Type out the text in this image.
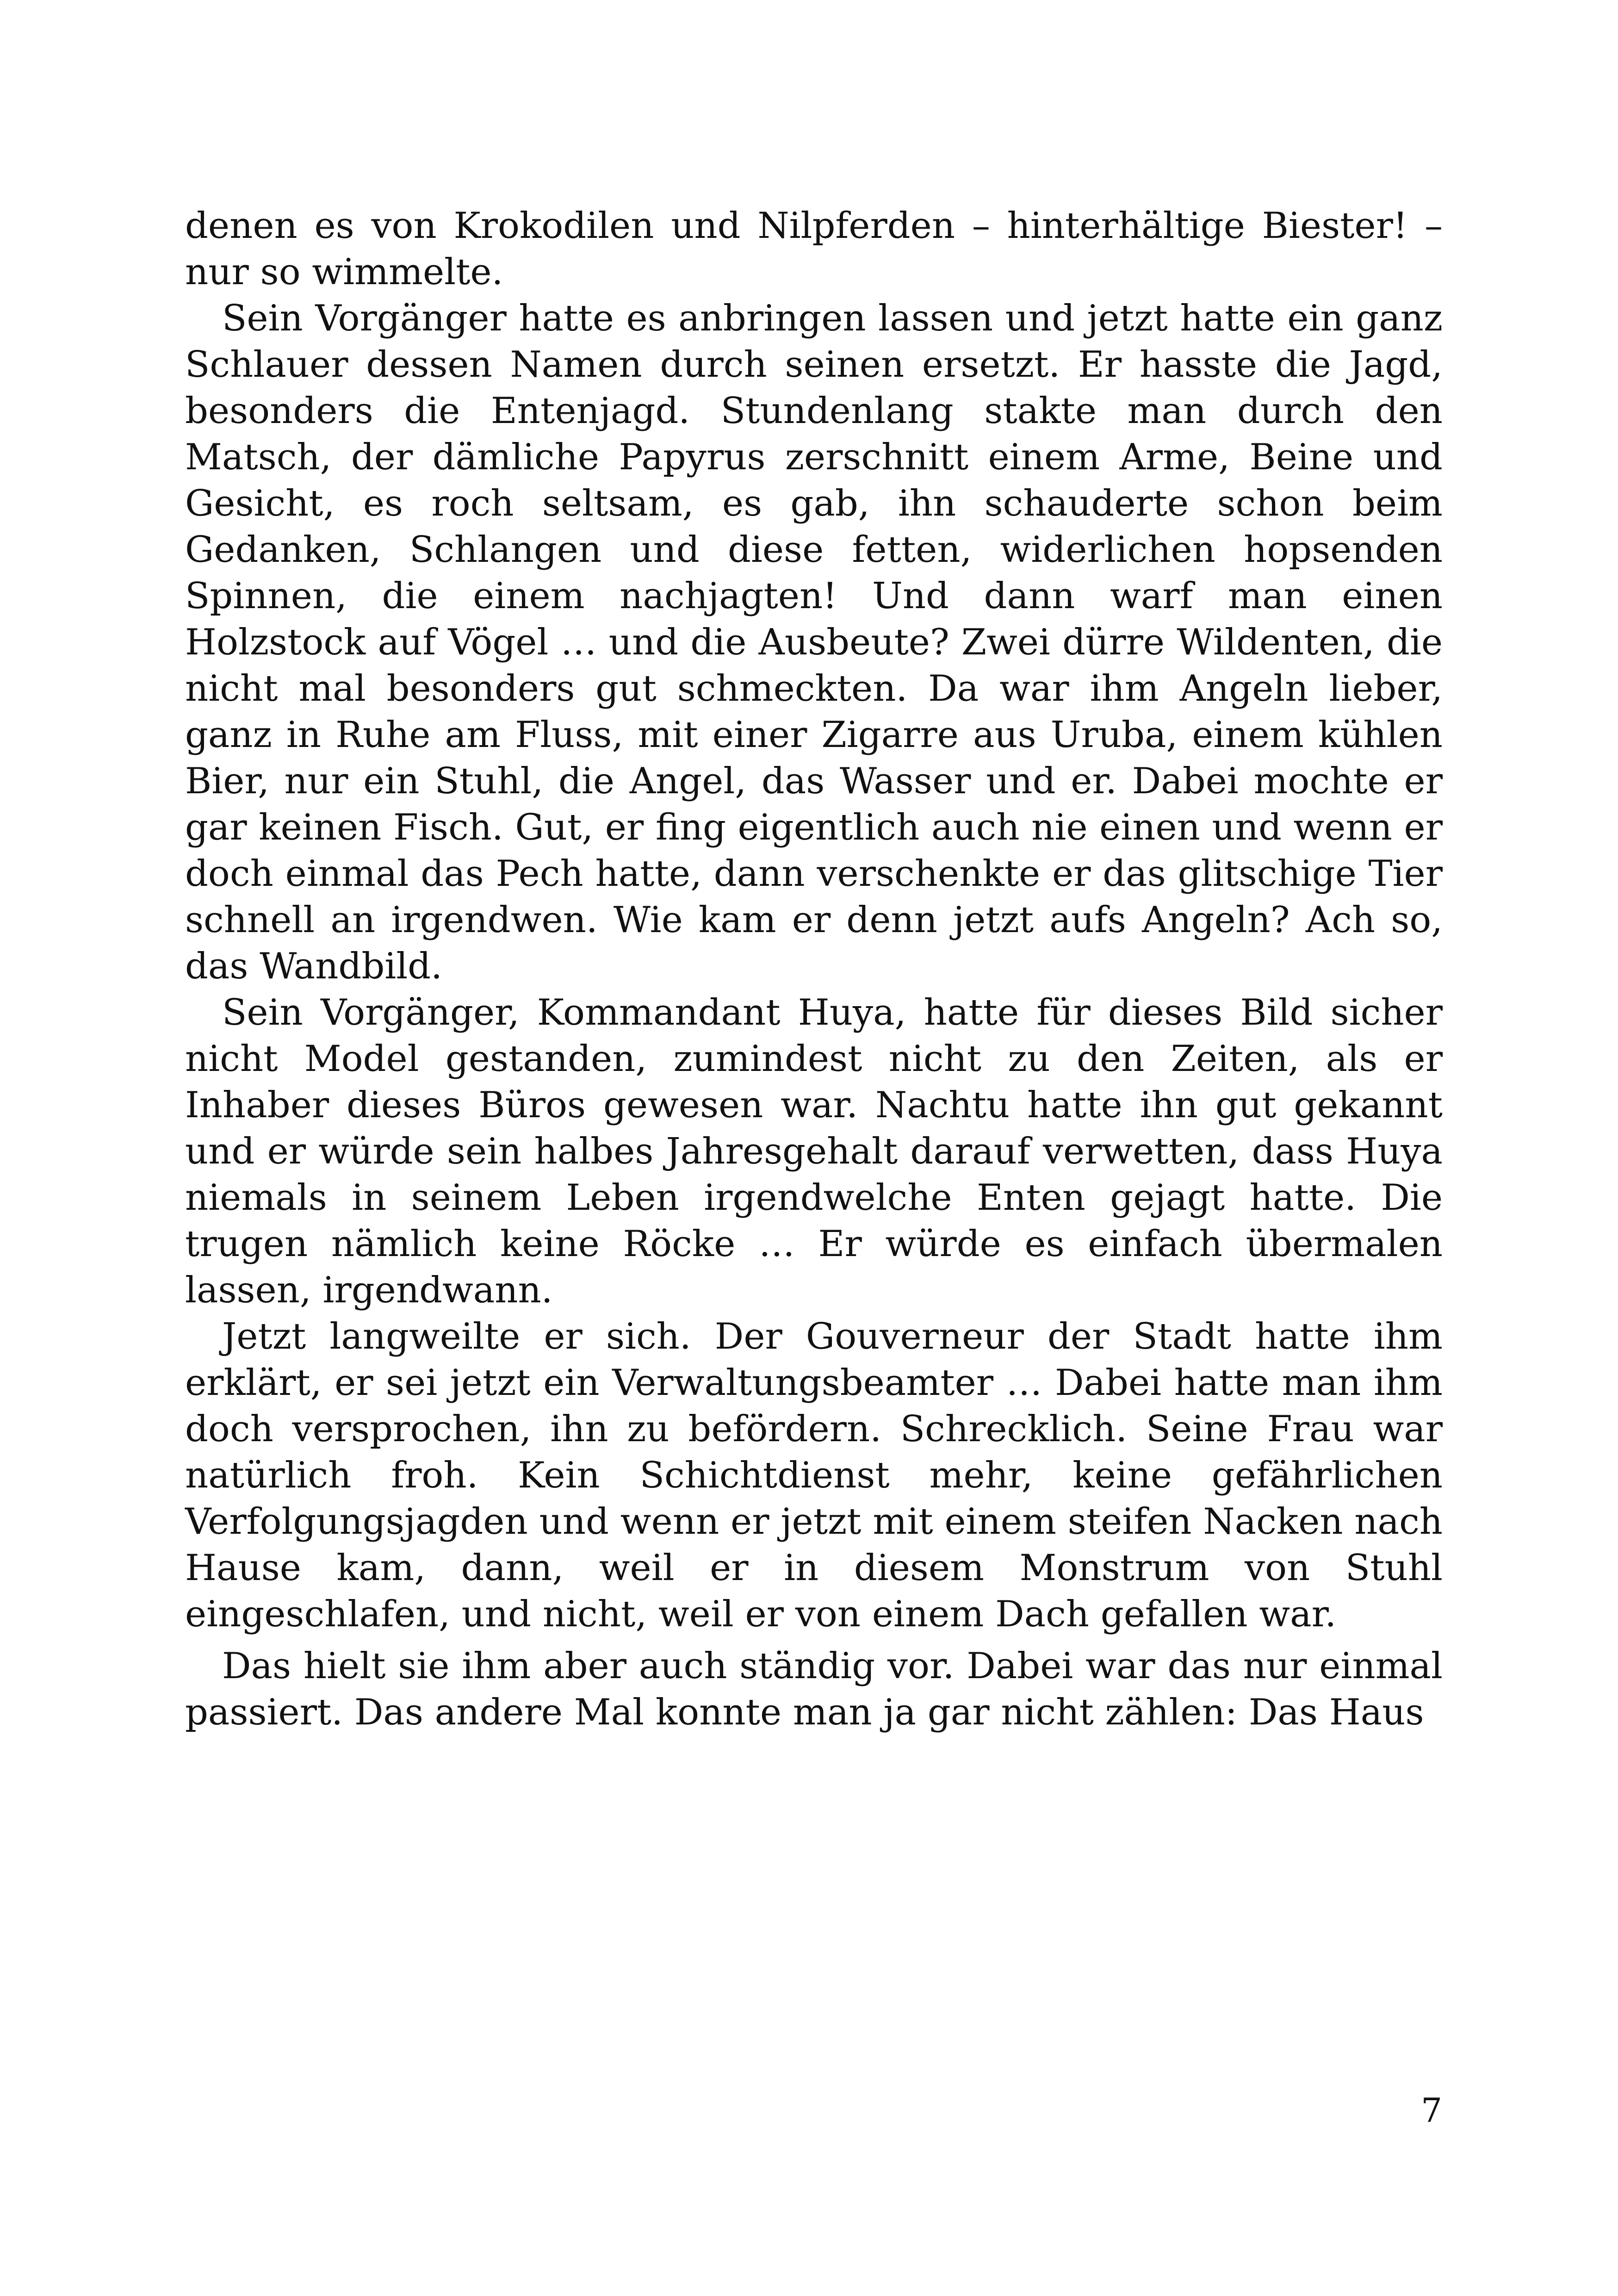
denen es von Krokodilen und Nilpferden – hinterhältige Biester! – nur so wimmelte.

Sein Vorgänger hatte es anbringen lassen und jetzt hatte ein ganz Schlauer dessen Namen durch seinen ersetzt. Er hasste die Jagd, besonders die Entenjagd. Stundenlang stakte man durch den Matsch, der dämliche Papyrus zerschnitt einem Arme, Beine und Gesicht, es roch seltsam, es gab, ihn schauderte schon beim Gedanken, Schlangen und diese fetten, widerlichen hopsenden Spinnen, die einem nachjagten! Und dann warf man einen Holzstock auf Vögel … und die Ausbeute? Zwei dürre Wildenten, die nicht mal besonders gut schmeckten. Da war ihm Angeln lieber, ganz in Ruhe am Fluss, mit einer Zigarre aus Uruba, einem kühlen Bier, nur ein Stuhl, die Angel, das Wasser und er. Dabei mochte er gar keinen Fisch. Gut, er fing eigentlich auch nie einen und wenn er doch einmal das Pech hatte, dann verschenkte er das glitschige Tier schnell an irgendwen. Wie kam er denn jetzt aufs Angeln? Ach so, das Wandbild.

Sein Vorgänger, Kommandant Huya, hatte für dieses Bild sicher nicht Model gestanden, zumindest nicht zu den Zeiten, als er Inhaber dieses Büros gewesen war. Nachtu hatte ihn gut gekannt und er würde sein halbes Jahresgehalt darauf verwetten, dass Huya niemals in seinem Leben irgendwelche Enten gejagt hatte. Die trugen nämlich keine Röcke … Er würde es einfach übermalen lassen, irgendwann.

Jetzt langweilte er sich. Der Gouverneur der Stadt hatte ihm erklärt, er sei jetzt ein Verwaltungsbeamter … Dabei hatte man ihm doch versprochen, ihn zu befördern. Schrecklich. Seine Frau war natürlich froh. Kein Schichtdienst mehr, keine gefährlichen Verfolgungsjagden und wenn er jetzt mit einem steifen Nacken nach Hause kam, dann, weil er in diesem Monstrum von Stuhl eingeschlafen, und nicht, weil er von einem Dach gefallen war.

Das hielt sie ihm aber auch ständig vor. Dabei war das nur einmal passiert. Das andere Mal konnte man ja gar nicht zählen: Das Haus

7
